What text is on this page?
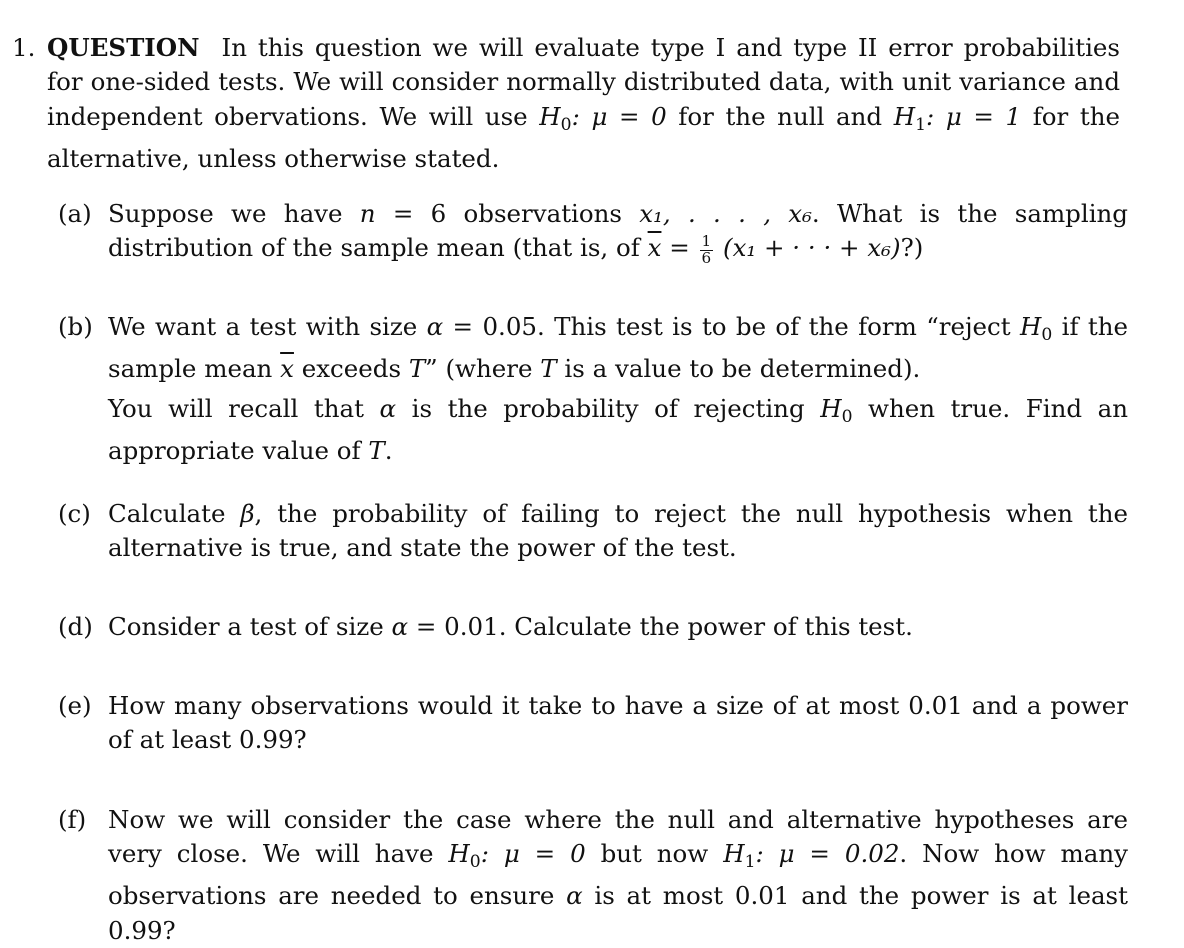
1. QUESTION In this question we will evaluate type I and type II error probabilities for one-sided tests. We will consider normally distributed data, with unit variance and independent obervations. We will use $H_0$: μ = 0 for the null and $H_1$: μ = 1 for the alternative, unless otherwise stated.

(a) Suppose we have n = 6 observations x₁, . . . , x₆. What is the sampling distribution of the sample mean (that is, of $\overline{x} = \frac{1}{6} (x_1$ + · · · + x₆)?)

(b) We want a test with size α = 0.05. This test is to be of the form “reject $H_0$ if the sample mean $\overline{x}$ exceeds T” (where T is a value to be determined).

You will recall that α is the probability of rejecting $H_0$ when true. Find an appropriate value of T.

(c) Calculate β, the probability of failing to reject the null hypothesis when the alternative is true, and state the power of the test.

(d) Consider a test of size α = 0.01. Calculate the power of this test.

(e) How many observations would it take to have a size of at most 0.01 and a power of at least 0.99?

(f) Now we will consider the case where the null and alternative hypotheses are very close. We will have $H_0$: μ = 0 but now $H_1$: μ = 0.02. Now how many observations are needed to ensure α is at most 0.01 and the power is at least 0.99?
